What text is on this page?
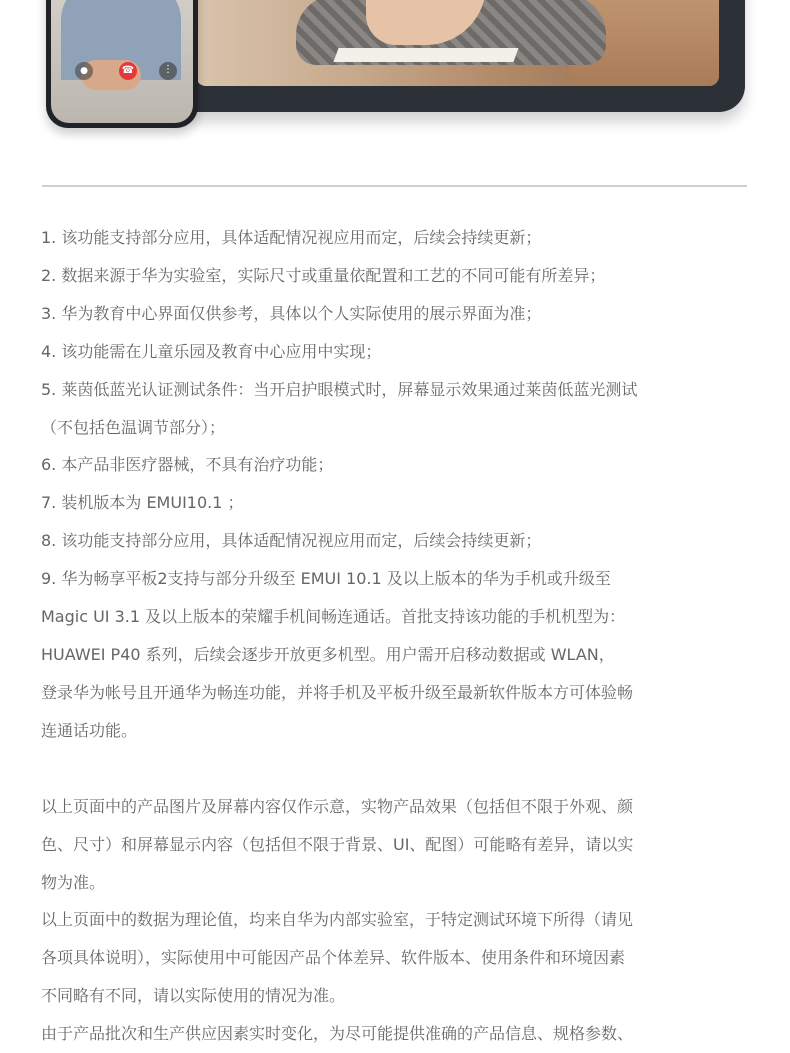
●	☎	⋮

1. 该功能支持部分应用，具体适配情况视应用而定，后续会持续更新；

2. 数据来源于华为实验室，实际尺寸或重量依配置和工艺的不同可能有所差异；

3. 华为教育中心界面仅供参考，具体以个人实际使用的展示界面为准；

4. 该功能需在儿童乐园及教育中心应用中实现；

5. 莱茵低蓝光认证测试条件：当开启护眼模式时，屏幕显示效果通过莱茵低蓝光测试

（不包括色温调节部分）；

6. 本产品非医疗器械，不具有治疗功能；

7. 装机版本为 EMUI10.1 ；

8. 该功能支持部分应用，具体适配情况视应用而定，后续会持续更新；

9. 华为畅享平板2支持与部分升级至 EMUI 10.1 及以上版本的华为手机或升级至

Magic UI 3.1 及以上版本的荣耀手机间畅连通话。首批支持该功能的手机机型为：

HUAWEI P40 系列，后续会逐步开放更多机型。用户需开启移动数据或 WLAN，

登录华为帐号且开通华为畅连功能，并将手机及平板升级至最新软件版本方可体验畅

连通话功能。

以上页面中的产品图片及屏幕内容仅作示意，实物产品效果（包括但不限于外观、颜

色、尺寸）和屏幕显示内容（包括但不限于背景、UI、配图）可能略有差异，请以实

物为准。

以上页面中的数据为理论值，均来自华为内部实验室，于特定测试环境下所得（请见

各项具体说明），实际使用中可能因产品个体差异、软件版本、使用条件和环境因素

不同略有不同，请以实际使用的情况为准。

由于产品批次和生产供应因素实时变化，为尽可能提供准确的产品信息、规格参数、
